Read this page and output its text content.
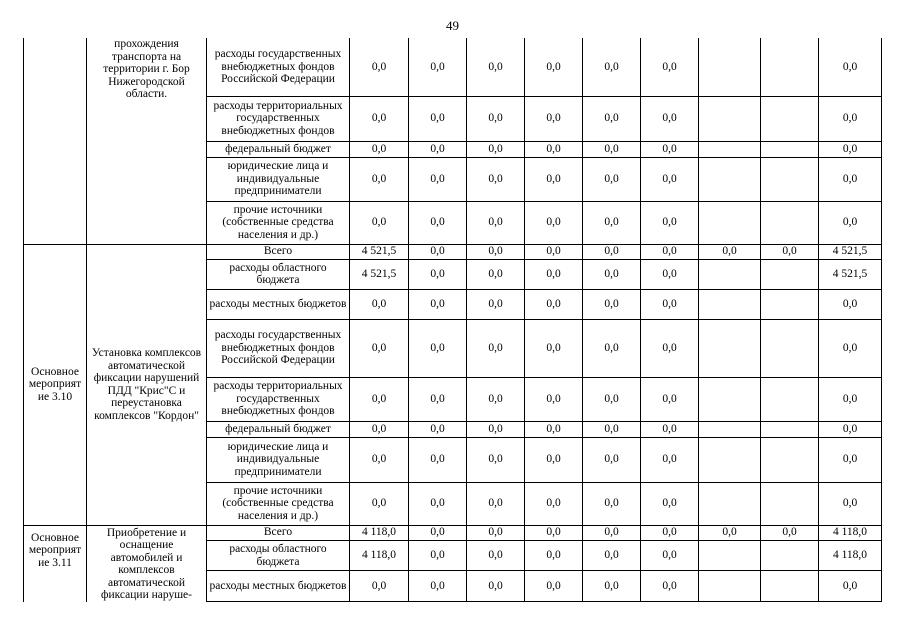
49
	прохождения транспорта на территории г. Бор Нижегородской области.	расходы государственных внебюджетных фондов Российской Федерации	0,0	0,0	0,0	0,0	0,0	0,0			0,0
		расходы территориальных государственных внебюджетных фондов	0,0	0,0	0,0	0,0	0,0	0,0			0,0
		федеральный бюджет	0,0	0,0	0,0	0,0	0,0	0,0			0,0
		юридические лица и индивидуальные предприниматели	0,0	0,0	0,0	0,0	0,0	0,0			0,0
		прочие источники (собственные средства населения и др.)	0,0	0,0	0,0	0,0	0,0	0,0			0,0
Основное мероприятие 3.10	Установка комплексов автоматической фиксации нарушений ПДД "Крис"С и переустановка комплексов "Кордон"	Всего	4 521,5	0,0	0,0	0,0	0,0	0,0	0,0	0,0	4 521,5
		расходы областного бюджета	4 521,5	0,0	0,0	0,0	0,0	0,0			4 521,5
		расходы местных бюджетов	0,0	0,0	0,0	0,0	0,0	0,0			0,0
		расходы государственных внебюджетных фондов Российской Федерации	0,0	0,0	0,0	0,0	0,0	0,0			0,0
		расходы территориальных государственных внебюджетных фондов	0,0	0,0	0,0	0,0	0,0	0,0			0,0
		федеральный бюджет	0,0	0,0	0,0	0,0	0,0	0,0			0,0
		юридические лица и индивидуальные предприниматели	0,0	0,0	0,0	0,0	0,0	0,0			0,0
		прочие источники (собственные средства населения и др.)	0,0	0,0	0,0	0,0	0,0	0,0			0,0
Основное мероприятие 3.11	Приобретение и оснащение автомобилей и комплексов автоматической фиксации наруше-	Всего	4 118,0	0,0	0,0	0,0	0,0	0,0	0,0	0,0	4 118,0
		расходы областного бюджета	4 118,0	0,0	0,0	0,0	0,0	0,0			4 118,0
		расходы местных бюджетов	0,0	0,0	0,0	0,0	0,0	0,0			0,0
